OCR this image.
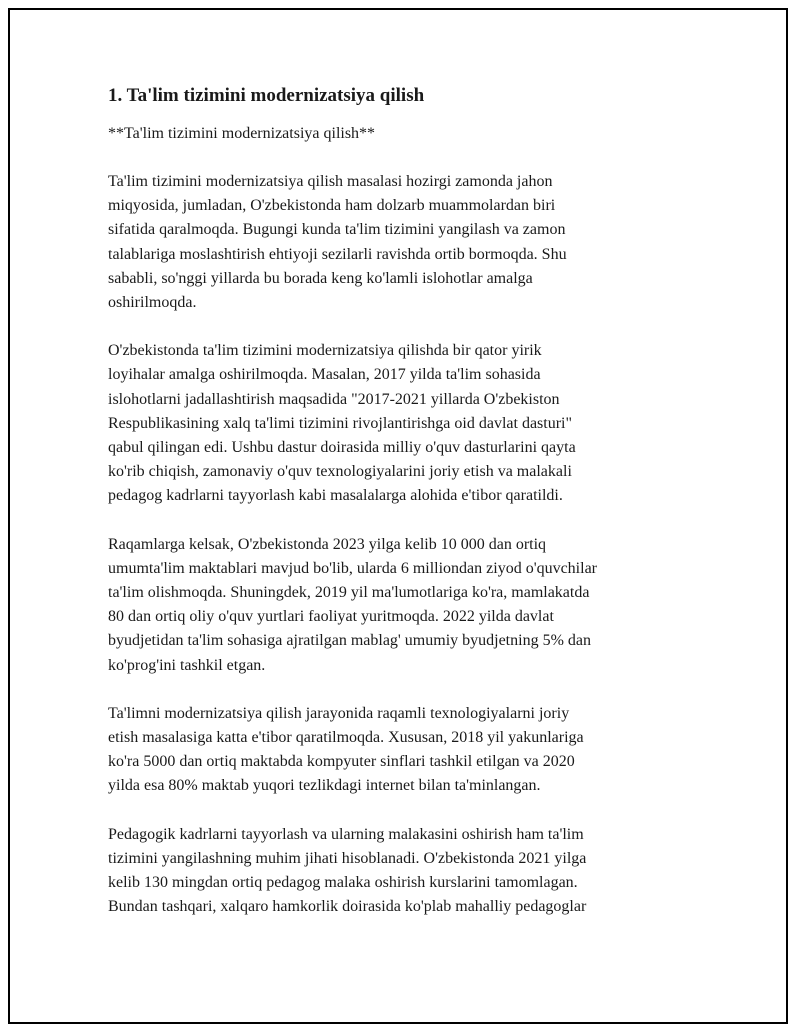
1. Ta'lim tizimini modernizatsiya qilish
**Ta'lim tizimini modernizatsiya qilish**
Ta'lim tizimini modernizatsiya qilish masalasi hozirgi zamonda jahon
miqyosida, jumladan, O'zbekistonda ham dolzarb muammolardan biri
sifatida qaralmoqda. Bugungi kunda ta'lim tizimini yangilash va zamon
talablariga moslashtirish ehtiyoji sezilarli ravishda ortib bormoqda. Shu
sababli, so'nggi yillarda bu borada keng ko'lamli islohotlar amalga
oshirilmoqda.
O'zbekistonda ta'lim tizimini modernizatsiya qilishda bir qator yirik
loyihalar amalga oshirilmoqda. Masalan, 2017 yilda ta'lim sohasida
islohotlarni jadallashtirish maqsadida "2017-2021 yillarda O'zbekiston
Respublikasining xalq ta'limi tizimini rivojlantirishga oid davlat dasturi"
qabul qilingan edi. Ushbu dastur doirasida milliy o'quv dasturlarini qayta
ko'rib chiqish, zamonaviy o'quv texnologiyalarini joriy etish va malakali
pedagog kadrlarni tayyorlash kabi masalalarga alohida e'tibor qaratildi.
Raqamlarga kelsak, O'zbekistonda 2023 yilga kelib 10 000 dan ortiq
umumta'lim maktablari mavjud bo'lib, ularda 6 milliondan ziyod o'quvchilar
ta'lim olishmoqda. Shuningdek, 2019 yil ma'lumotlariga ko'ra, mamlakatda
80 dan ortiq oliy o'quv yurtlari faoliyat yuritmoqda. 2022 yilda davlat
byudjetidan ta'lim sohasiga ajratilgan mablag' umumiy byudjetning 5% dan
ko'prog'ini tashkil etgan.
Ta'limni modernizatsiya qilish jarayonida raqamli texnologiyalarni joriy
etish masalasiga katta e'tibor qaratilmoqda. Xususan, 2018 yil yakunlariga
ko'ra 5000 dan ortiq maktabda kompyuter sinflari tashkil etilgan va 2020
yilda esa 80% maktab yuqori tezlikdagi internet bilan ta'minlangan.
Pedagogik kadrlarni tayyorlash va ularning malakasini oshirish ham ta'lim
tizimini yangilashning muhim jihati hisoblanadi. O'zbekistonda 2021 yilga
kelib 130 mingdan ortiq pedagog malaka oshirish kurslarini tamomlagan.
Bundan tashqari, xalqaro hamkorlik doirasida ko'plab mahalliy pedagoglar
